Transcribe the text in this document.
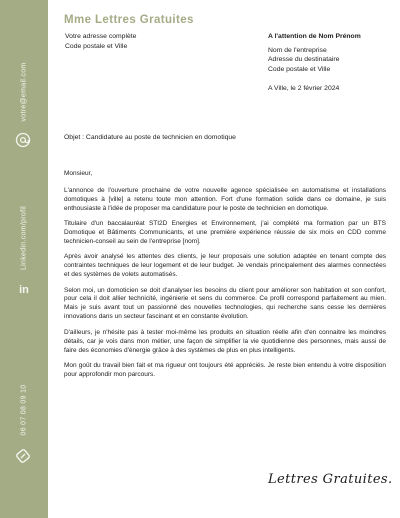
votre@email.com
in
Linkedin.com/profil
06 07 08 09 10
Mme Lettres Gratuites
Votre adresse complète
Code postale et Ville
A l'attention de Nom Prénom
Nom de l'entreprise
Adresse du destinataire
Code postale et Ville
A Ville, le 2 février 2024
Objet : Candidature au poste de technicien en domotique

Monsieur,

L'annonce de l'ouverture prochaine de votre nouvelle agence spécialisée en automatisme et installations domotiques à [ville] a retenu toute mon attention. Fort d'une formation solide dans ce domaine, je suis enthousiaste à l'idée de proposer ma candidature pour le poste de technicien en domotique.

Titulaire d'un baccalauréat STI2D Energies et Environnement, j'ai complété ma formation par un BTS Domotique et Bâtiments Communicants, et une première expérience réussie de six mois en CDD comme technicien-conseil au sein de l'entreprise [nom].

Après avoir analysé les attentes des clients, je leur proposais une solution adaptée en tenant compte des contraintes techniques de leur logement et de leur budget. Je vendais principalement des alarmes connectées et des systèmes de volets automatisés.

Selon moi, un domoticien se doit d'analyser les besoins du client pour améliorer son habitation et son confort, pour cela il doit allier technicité, ingénierie et sens du commerce. Ce profil correspond parfaitement au mien. Mais je suis avant tout un passionné des nouvelles technologies, qui recherche sans cesse les dernières innovations dans un secteur fascinant et en constante évolution.

D'ailleurs, je n'hésite pas à tester moi-même les produits en situation réelle afin d'en connaitre les moindres détails, car je vois dans mon métier, une façon de simplifier la vie quotidienne des personnes, mais aussi de faire des économies d'énergie grâce à des systèmes de plus en plus intelligents.

Mon goût du travail bien fait et ma rigueur ont toujours été appréciés. Je reste bien entendu à votre disposition pour approfondir mon parcours.

Lettres Gratuites.
